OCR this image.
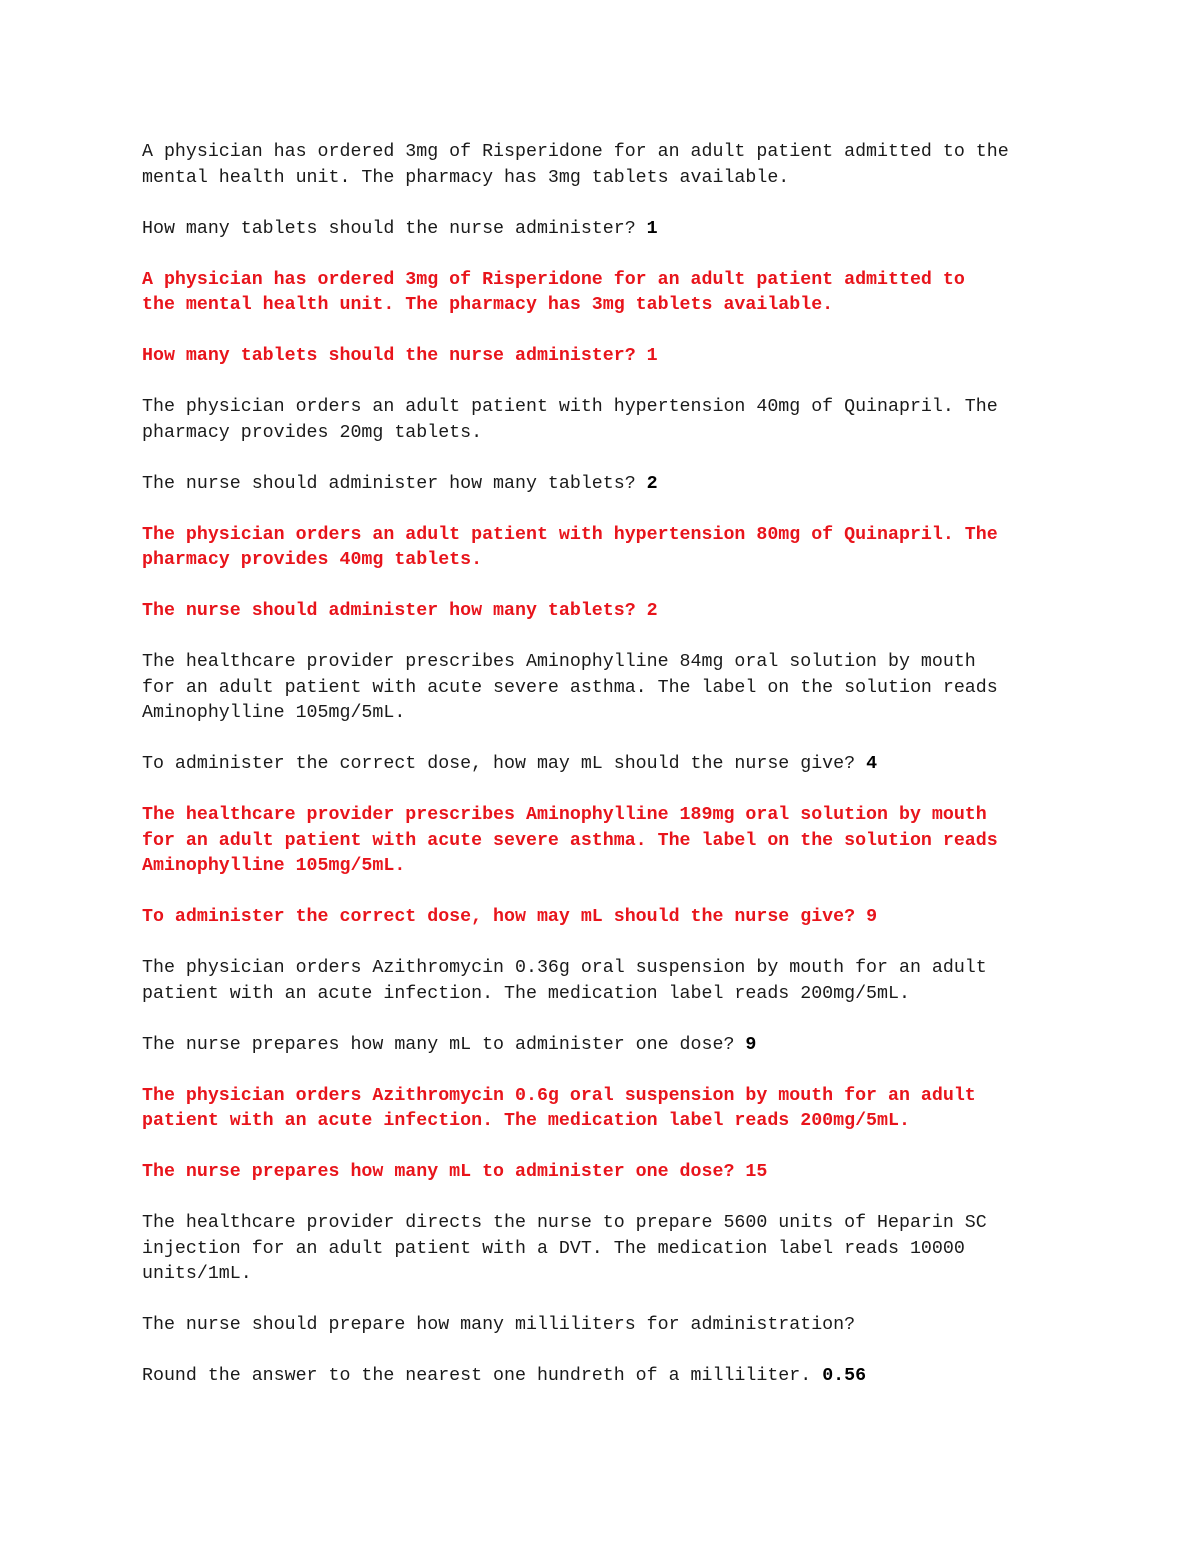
A physician has ordered 3mg of Risperidone for an adult patient admitted to the
mental health unit. The pharmacy has 3mg tablets available.
How many tablets should the nurse administer? 1
A physician has ordered 3mg of Risperidone for an adult patient admitted to
the mental health unit. The pharmacy has 3mg tablets available.
How many tablets should the nurse administer? 1
The physician orders an adult patient with hypertension 40mg of Quinapril. The
pharmacy provides 20mg tablets.
The nurse should administer how many tablets? 2
The physician orders an adult patient with hypertension 80mg of Quinapril. The
pharmacy provides 40mg tablets.
The nurse should administer how many tablets? 2
The healthcare provider prescribes Aminophylline 84mg oral solution by mouth
for an adult patient with acute severe asthma. The label on the solution reads
Aminophylline 105mg/5mL.
To administer the correct dose, how may mL should the nurse give? 4
The healthcare provider prescribes Aminophylline 189mg oral solution by mouth
for an adult patient with acute severe asthma. The label on the solution reads
Aminophylline 105mg/5mL.
To administer the correct dose, how may mL should the nurse give? 9
The physician orders Azithromycin 0.36g oral suspension by mouth for an adult
patient with an acute infection. The medication label reads 200mg/5mL.
The nurse prepares how many mL to administer one dose? 9
The physician orders Azithromycin 0.6g oral suspension by mouth for an adult
patient with an acute infection. The medication label reads 200mg/5mL.
The nurse prepares how many mL to administer one dose? 15
The healthcare provider directs the nurse to prepare 5600 units of Heparin SC
injection for an adult patient with a DVT. The medication label reads 10000
units/1mL.
The nurse should prepare how many milliliters for administration?
Round the answer to the nearest one hundreth of a milliliter. 0.56
